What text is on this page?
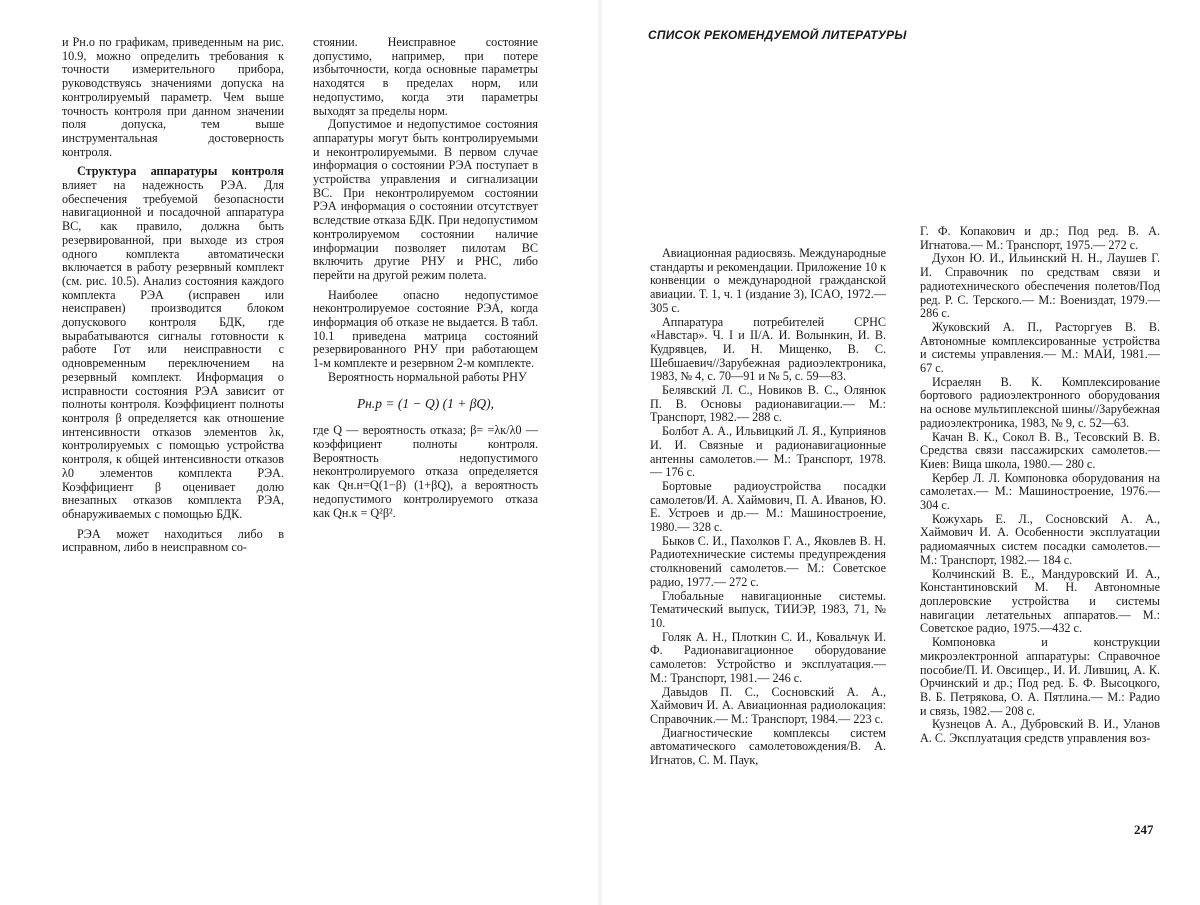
и Pн.о по графикам, приведенным на рис. 10.9, можно определить требования к точности измерительного прибора, руководствуясь значениями допуска на контролируемый параметр. Чем выше точность контроля при данном значении поля допуска, тем выше инструментальная достоверность контроля.

Структура аппаратуры контроля влияет на надежность РЭА. Для обеспечения требуемой безопасности навигационной и посадочной аппаратура ВС, как правило, должна быть резервированной, при выходе из строя одного комплекта автоматически включается в работу резервный комплект (см. рис. 10.5). Анализ состояния каждого комплекта РЭА (исправен или неисправен) производится блоком допускового контроля БДК, где вырабатываются сигналы готовности к работе Гот или неисправности с одновременным переключением на резервный комплект. Информация о исправности состояния РЭА зависит от полноты контроля. Коэффициент полноты контроля β определяется как отношение интенсивности отказов элементов λк, контролируемых с помощью устройства контроля, к общей интенсивности отказов λ0 элементов комплекта РЭА. Коэффициент β оценивает долю внезапных отказов комплекта РЭА, обнаруживаемых с помощью БДК.

РЭА может находиться либо в исправном, либо в неисправном со-

стоянии. Неисправное состояние допустимо, например, при потере избыточности, когда основные параметры находятся в пределах норм, или недопустимо, когда эти параметры выходят за пределы норм.

Допустимое и недопустимое состояния аппаратуры могут быть контролируемыми и неконтролируемыми. В первом случае информация о состоянии РЭА поступает в устройства управления и сигнализации ВС. При неконтролируемом состоянии РЭА информация о состоянии отсутствует вследствие отказа БДК. При недопустимом контролируемом состоянии наличие информации позволяет пилотам ВС включить другие РНУ и РНС, либо перейти на другой режим полета.

Наиболее опасно недопустимое неконтролируемое состояние РЭА, когда информация об отказе не выдается. В табл. 10.1 приведена матрица состояний резервированного РНУ при работающем 1-м комплекте и резервном 2-м комплекте.

Вероятность нормальной работы РНУ

Pн.р = (1 − Q) (1 + βQ),

где Q — вероятность отказа; β= =λк/λ0 — коэффициент полноты контроля. Вероятность недопустимого неконтролируемого отказа определяется как Qн.н=Q(1−β) (1+βQ), а вероятность недопустимого контролируемого отказа как Qн.к = Q²β².

СПИСОК РЕКОМЕНДУЕМОЙ ЛИТЕРАТУРЫ

Авиационная радиосвязь. Международные стандарты и рекомендации. Приложение 10 к конвенции о международной гражданской авиации. Т. 1, ч. 1 (издание 3), ICAO, 1972.— 305 с.

Аппаратура потребителей СРНС «Навстар». Ч. I и II/А. И. Волынкин, И. В. Кудрявцев, И. Н. Мищенко, В. С. Шебшаевич//Зарубежная радиоэлектроника, 1983, № 4, с. 70—91 и № 5, с. 59—83.

Белявский Л. С., Новиков В. С., Олянюк П. В. Основы радионавигации.— М.: Транспорт, 1982.— 288 с.

Болбот А. А., Ильвицкий Л. Я., Куприянов И. И. Связные и радионавигационные антенны самолетов.— М.: Транспорт, 1978.— 176 с.

Бортовые радиоустройства посадки самолетов/И. А. Хаймович, П. А. Иванов, Ю. Е. Устроев и др.— М.: Машиностроение, 1980.— 328 с.

Быков С. И., Пахолков Г. А., Яковлев В. Н. Радиотехнические системы предупреждения столкновений самолетов.— М.: Советское радио, 1977.— 272 с.

Глобальные навигационные системы. Тематический выпуск, ТИИЭР, 1983, 71, № 10.

Голяк А. Н., Плоткин С. И., Ковальчук И. Ф. Радионавигационное оборудование самолетов: Устройство и эксплуатация.— М.: Транспорт, 1981.— 246 с.

Давыдов П. С., Сосновский А. А., Хаймович И. А. Авиационная радиолокация: Справочник.— М.: Транспорт, 1984.— 223 с.

Диагностические комплексы систем автоматического самолетовождения/В. А. Игнатов, С. М. Паук,

Г. Ф. Копакович и др.; Под ред. В. А. Игнатова.— М.: Транспорт, 1975.— 272 с.

Духон Ю. И., Ильинский Н. Н., Лаушев Г. И. Справочник по средствам связи и радиотехнического обеспечения полетов/Под ред. Р. С. Терского.— М.: Воениздат, 1979.— 286 с.

Жуковский А. П., Расторгуев В. В. Автономные комплексированные устройства и системы управления.— М.: МАИ, 1981.— 67 с.

Исраелян В. К. Комплексирование бортового радиоэлектронного оборудования на основе мультиплексной шины//Зарубежная радиоэлектроника, 1983, № 9, с. 52—63.

Качан В. К., Сокол В. В., Тесовский В. В. Средства связи пассажирских самолетов.— Киев: Вища школа, 1980.— 280 с.

Кербер Л. Л. Компоновка оборудования на самолетах.— М.: Машиностроение, 1976.— 304 с.

Кожухарь Е. Л., Сосновский А. А., Хаймович И. А. Особенности эксплуатации радиомаячных систем посадки самолетов.— М.: Транспорт, 1982.— 184 с.

Колчинский В. Е., Мандуровский И. А., Константиновский М. Н. Автономные доплеровские устройства и системы навигации летательных аппаратов.— М.: Советское радио, 1975.—432 с.

Компоновка и конструкции микроэлектронной аппаратуры: Справочное пособие/П. И. Овсищер., И. И. Лившиц, А. К. Орчинский и др.; Под ред. Б. Ф. Высоцкого, В. Б. Петрякова, О. А. Пятлина.— М.: Радио и связь, 1982.— 208 с.

Кузнецов А. А., Дубровский В. И., Уланов А. С. Эксплуатация средств управления воз-

247
